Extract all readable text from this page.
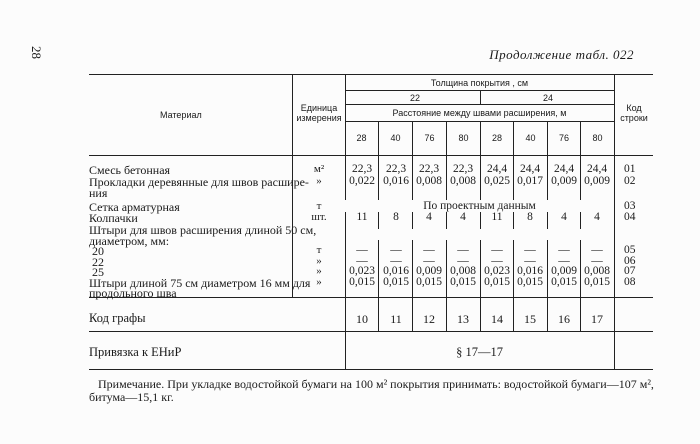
28	Продолжение табл. 022
Материал
Единица
измерения
Толщина покрытия , см
22	24
Расстояние между швами расширения, м	Код
строки
28	40	76	80	28	40	76	80
Смесь бетонная	м²	22,3	22,3	22,3	22,3	24,4	24,4	24,4	24,4	01
Прокладки деревянные для швов расшире- »	0,022 0,016 0,008 0,008 0,025 0,017 0,009 0,009	02
ния
Сетка арматурная	т	По проектным данным	03
Колпачки	шт.	11	8	4	4	11	8	4	4	04
Штыри для швов расширения длиной 50 см,
диаметром, мм:
20	т	—	—	—	—	—	—	—	—	05
22	»	—	—	—	—	—	—	—	—	06
25	»	0,023 0,016 0,009 0,008 0,023 0,016 0,009 0,008	07
Штыри длиной 75 см диаметром 16 мм для »	0,015 0,015 0,015 0,015 0,015 0,015 0,015 0,015	08
продольного шва
Код графы	10	11	12	13	14	15	16	17
Привязка к ЕНиР	§ 17—17
Примечание. При укладке водостойкой бумаги на 100 м² покрытия принимать: водостойкой бумаги—107 м²,
битума—15,1 кг.
